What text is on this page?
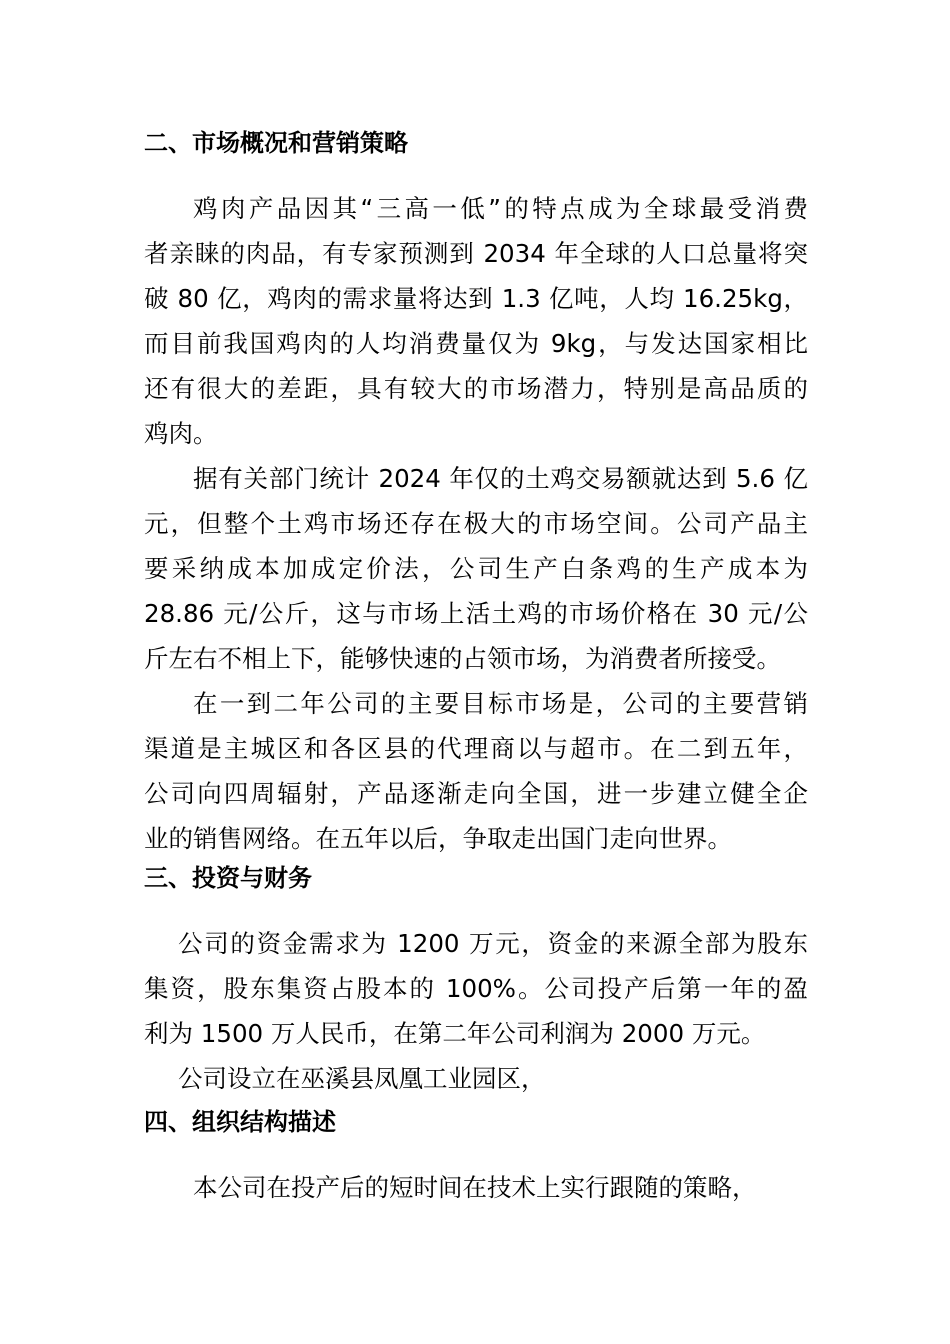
二、市场概况和营销策略
鸡肉产品因其“三高一低”的特点成为全球最受消费
者亲睐的肉品，有专家预测到 2034 年全球的人口总量将突
破 80 亿，鸡肉的需求量将达到 1.3 亿吨，人均 16.25kg，
而目前我国鸡肉的人均消费量仅为 9kg，与发达国家相比
还有很大的差距，具有较大的市场潜力，特别是高品质的
鸡肉。
据有关部门统计 2024 年仅的土鸡交易额就达到 5.6 亿
元，但整个土鸡市场还存在极大的市场空间。公司产品主
要采纳成本加成定价法，公司生产白条鸡的生产成本为
28.86 元/公斤，这与市场上活土鸡的市场价格在 30 元/公
斤左右不相上下，能够快速的占领市场，为消费者所接受。
在一到二年公司的主要目标市场是，公司的主要营销
渠道是主城区和各区县的代理商以与超市。在二到五年，
公司向四周辐射，产品逐渐走向全国，进一步建立健全企
业的销售网络。在五年以后，争取走出国门走向世界。
三、投资与财务
公司的资金需求为 1200 万元，资金的来源全部为股东
集资，股东集资占股本的 100%。公司投产后第一年的盈
利为 1500 万人民币，在第二年公司利润为 2000 万元。
公司设立在巫溪县凤凰工业园区，
四、组织结构描述
本公司在投产后的短时间在技术上实行跟随的策略，
